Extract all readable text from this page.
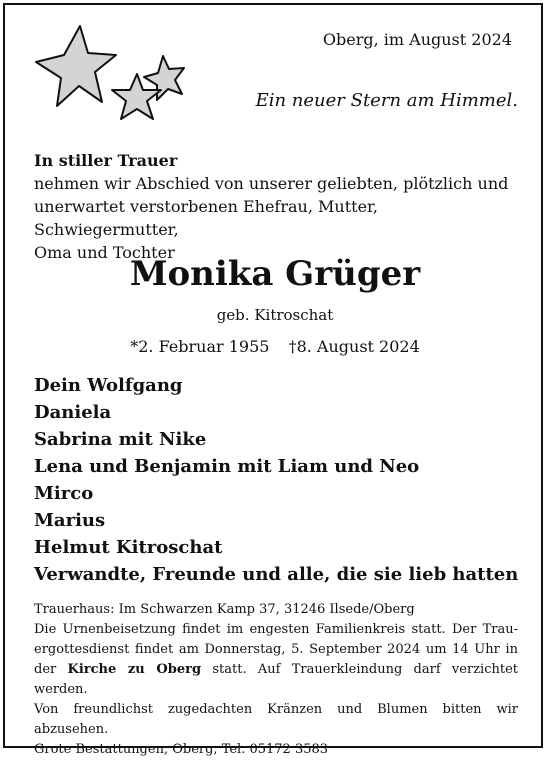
Oberg, im August 2024
Ein neuer Stern am Himmel.
In stiller Trauer
nehmen wir Abschied von unserer geliebten, plötzlich und
unerwartet verstorbenen Ehefrau, Mutter, Schwiegermutter,
Oma und Tochter
Monika Grüger
geb. Kitroschat
*2. Februar 1955 †8. August 2024
Dein Wolfgang
Daniela
Sabrina mit Nike
Lena und Benjamin mit Liam und Neo
Mirco
Marius
Helmut Kitroschat
Verwandte, Freunde und alle, die sie lieb hatten
Trauerhaus: Im Schwarzen Kamp 37, 31246 Ilsede/Oberg
Die Urnenbeisetzung findet im engesten Familienkreis statt. Der Trau-
ergottesdienst findet am Donnerstag, 5. September 2024 um 14 Uhr in
der Kirche zu Oberg statt. Auf Trauerkleindung darf verzichtet werden.
Von freundlichst zugedachten Kränzen und Blumen bitten wir abzusehen.
Grote Bestattungen, Oberg, Tel. 05172 3583
